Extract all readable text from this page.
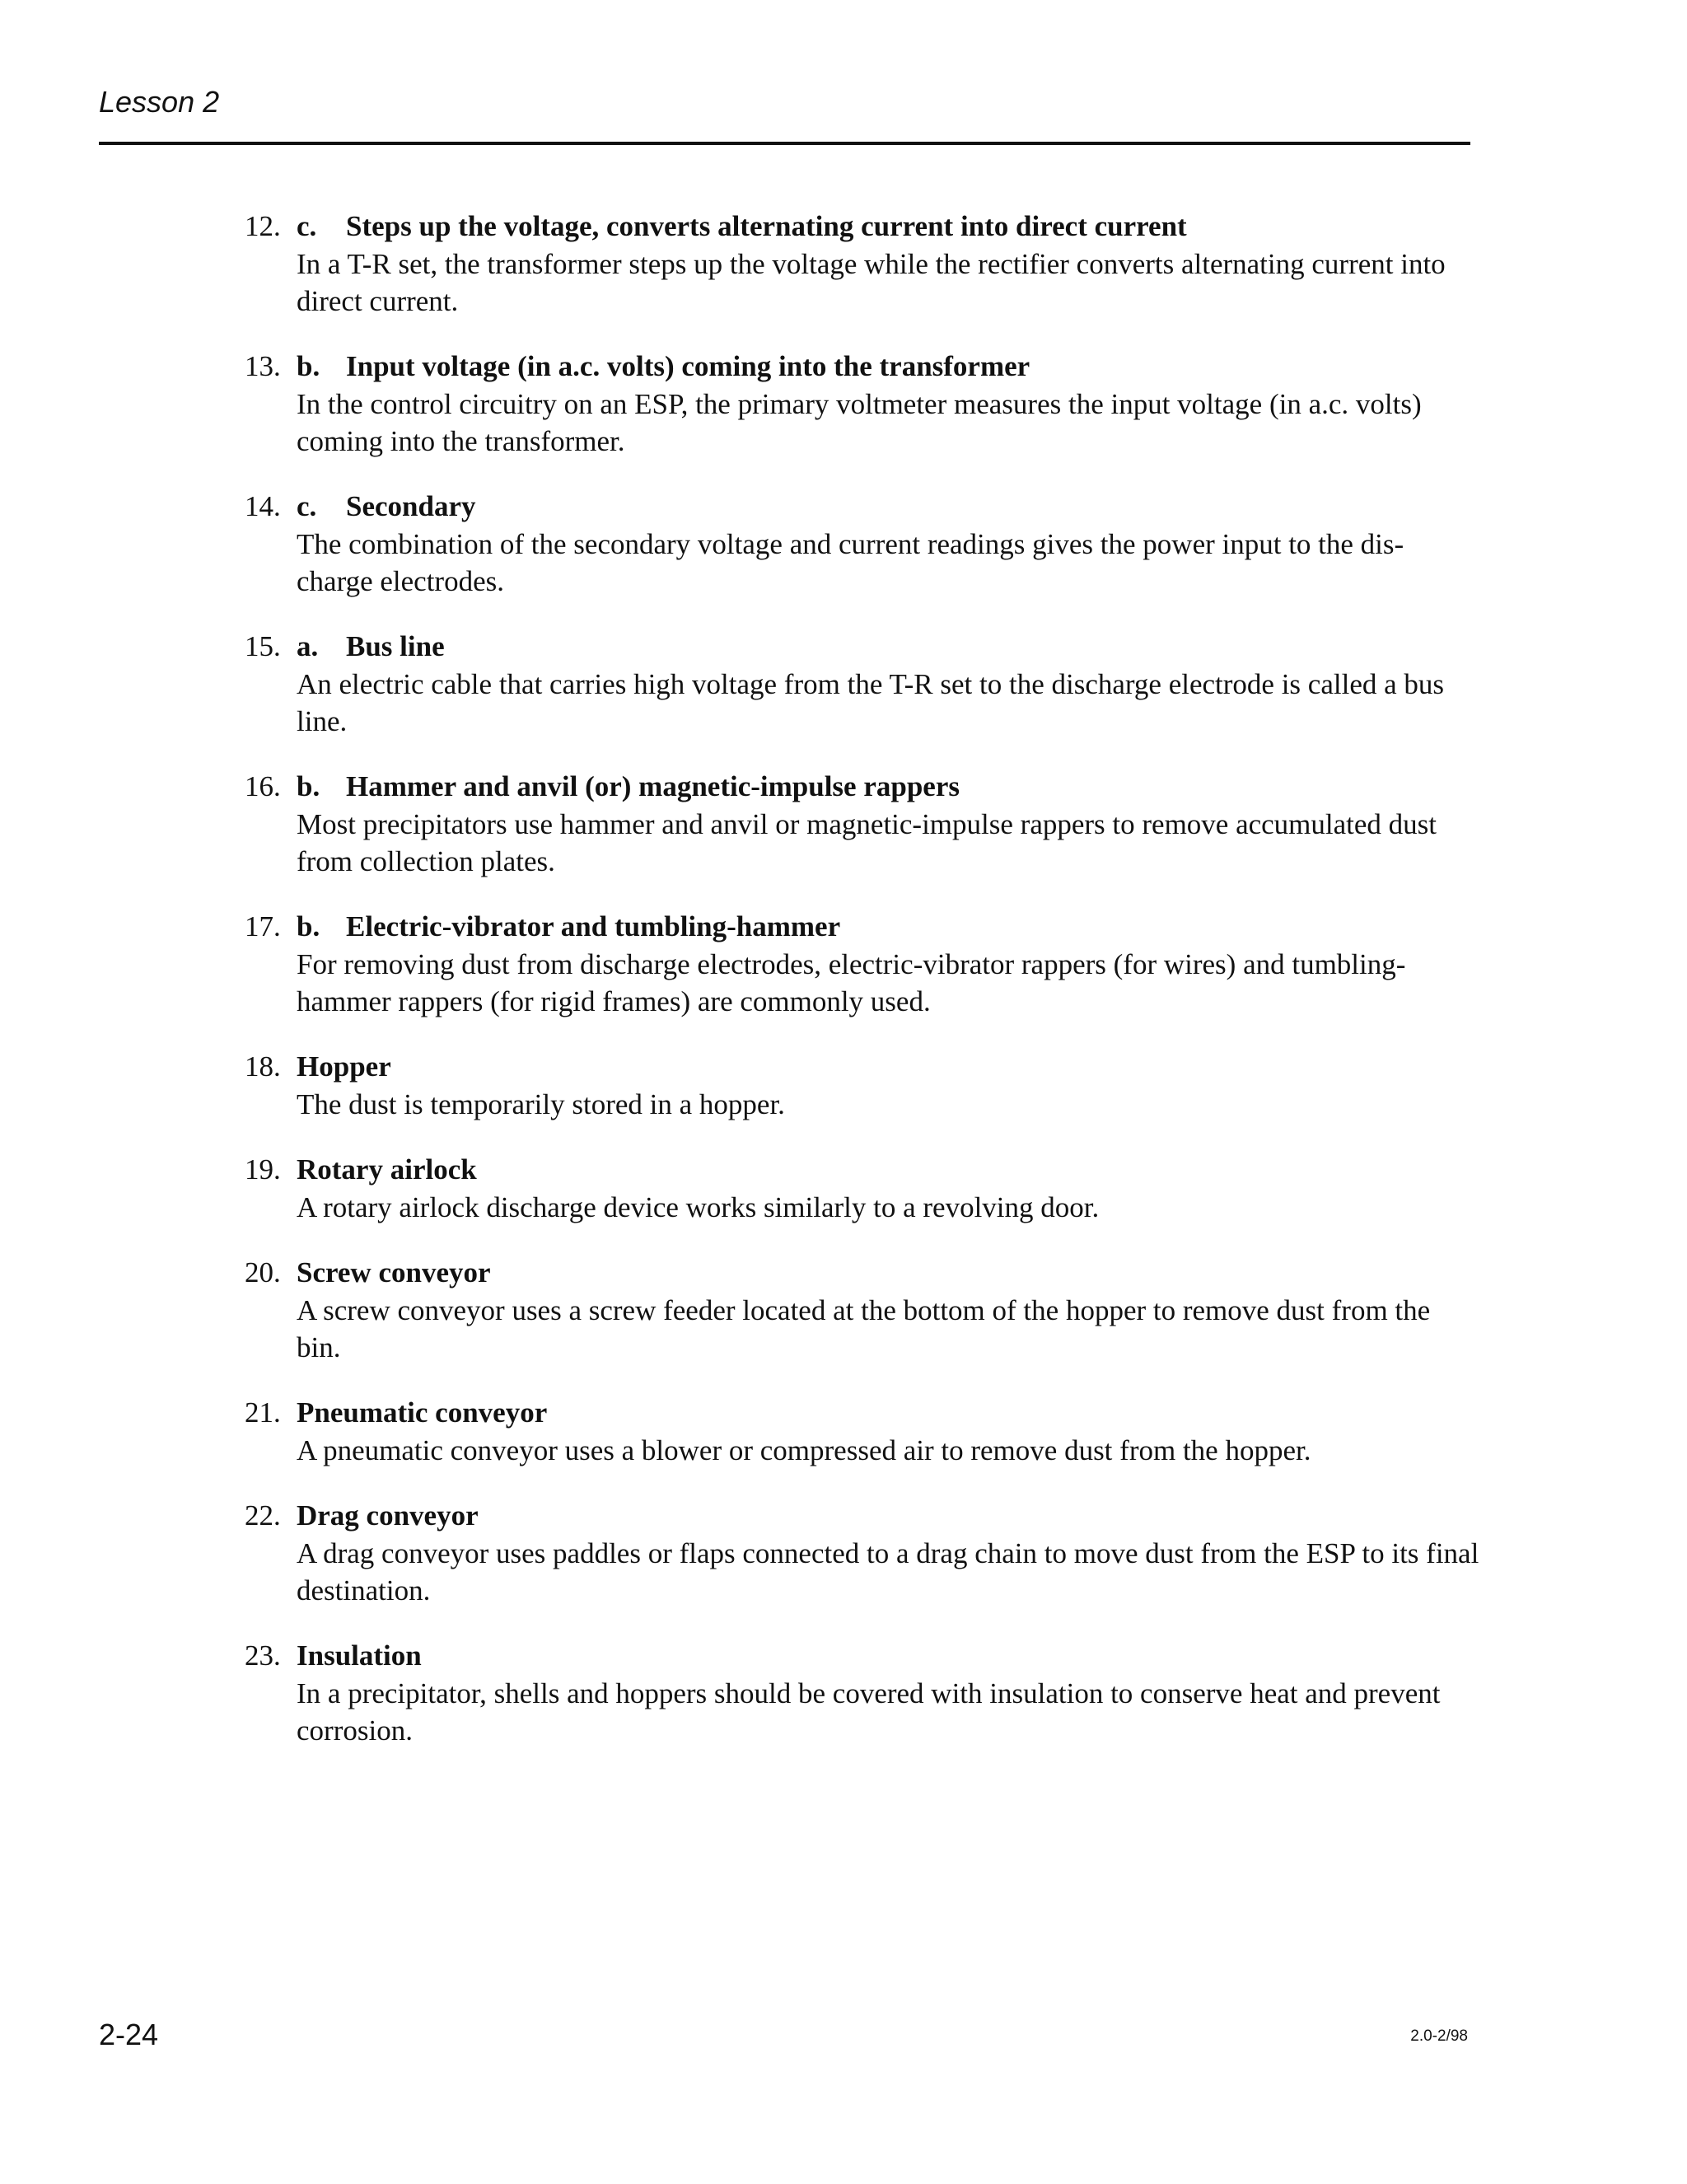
Lesson 2
12. c. Steps up the voltage, converts alternating current into direct current
In a T-R set, the transformer steps up the voltage while the rectifier converts alternating current into direct current.
13. b. Input voltage (in a.c. volts) coming into the transformer
In the control circuitry on an ESP, the primary voltmeter measures the input voltage (in a.c. volts) coming into the transformer.
14. c. Secondary
The combination of the secondary voltage and current readings gives the power input to the dis- charge electrodes.
15. a. Bus line
An electric cable that carries high voltage from the T-R set to the discharge electrode is called a bus line.
16. b. Hammer and anvil (or) magnetic-impulse rappers
Most precipitators use hammer and anvil or magnetic-impulse rappers to remove accumulated dust from collection plates.
17. b. Electric-vibrator and tumbling-hammer
For removing dust from discharge electrodes, electric-vibrator rappers (for wires) and tumbling- hammer rappers (for rigid frames) are commonly used.
18. Hopper
The dust is temporarily stored in a hopper.
19. Rotary airlock
A rotary airlock discharge device works similarly to a revolving door.
20. Screw conveyor
A screw conveyor uses a screw feeder located at the bottom of the hopper to remove dust from the bin.
21. Pneumatic conveyor
A pneumatic conveyor uses a blower or compressed air to remove dust from the hopper.
22. Drag conveyor
A drag conveyor uses paddles or flaps connected to a drag chain to move dust from the ESP to its final destination.
23. Insulation
In a precipitator, shells and hoppers should be covered with insulation to conserve heat and prevent corrosion.
2-24	2.0-2/98
